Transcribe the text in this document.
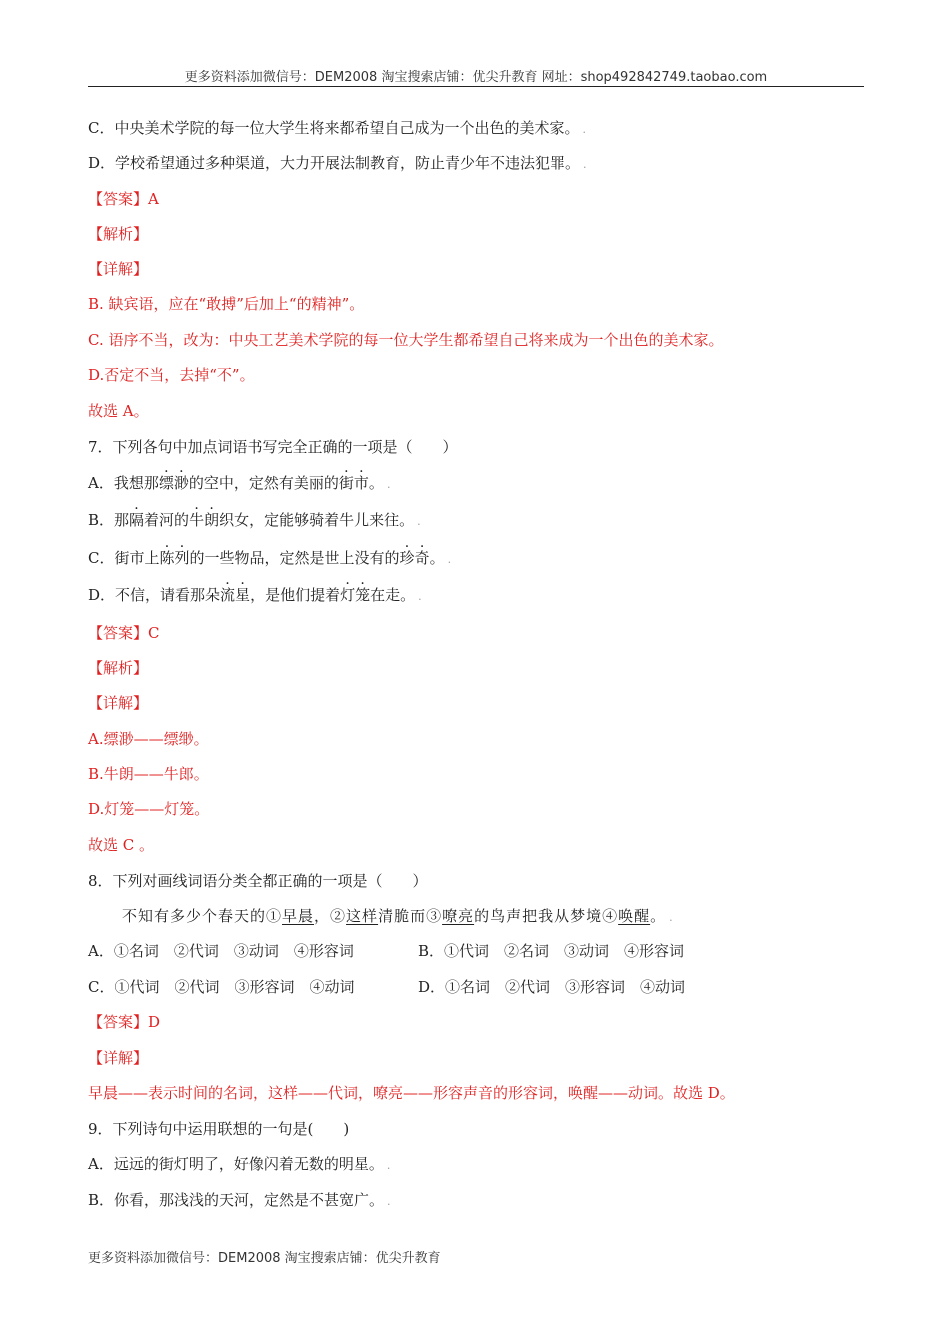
更多资料添加微信号：DEM2008 淘宝搜索店铺：优尖升教育 网址：shop492842749.taobao.com
C．中央美术学院的每一位大学生将来都希望自己成为一个出色的美术家。 .
D．学校希望通过多种渠道，大力开展法制教育，防止青少年不违法犯罪。 .
【答案】A
【解析】
【详解】
B. 缺宾语，应在“敢搏”后加上“的精神”。
C. 语序不当，改为：中央工艺美术学院的每一位大学生都希望自己将来成为一个出色的美术家。
D.否定不当，去掉“不”。
故选 A。
7．下列各句中加点词语书写完全正确的一项是（　　）
A．我想那缥渺的空中，定然有美丽的街市。 .
B．那隔着河的牛朗织女，定能够骑着牛儿来往。 .
C．街市上陈列的一些物品，定然是世上没有的珍奇。 .
D．不信，请看那朵流星，是他们提着灯笼在走。 .
【答案】C
【解析】
【详解】
A.缥渺——缥缈。
B.牛朗——牛郎。
D.灯笼——灯笼。
故选 C 。
8．下列对画线词语分类全都正确的一项是（　　）
不知有多少个春天的①早晨，②这样清脆而③嘹亮的鸟声把我从梦境④唤醒。 .
A．①名词　②代词　③动词　④形容词	B．①代词　②名词　③动词　④形容词
C．①代词　②代词　③形容词　④动词	D．①名词　②代词　③形容词　④动词
【答案】D
【详解】
早晨——表示时间的名词，这样——代词，嘹亮——形容声音的形容词，唤醒——动词。故选 D。
9．下列诗句中运用联想的一句是(　　)
A．远远的街灯明了，好像闪着无数的明星。 .
B．你看，那浅浅的天河，定然是不甚宽广。 .
更多资料添加微信号：DEM2008 淘宝搜索店铺：优尖升教育
